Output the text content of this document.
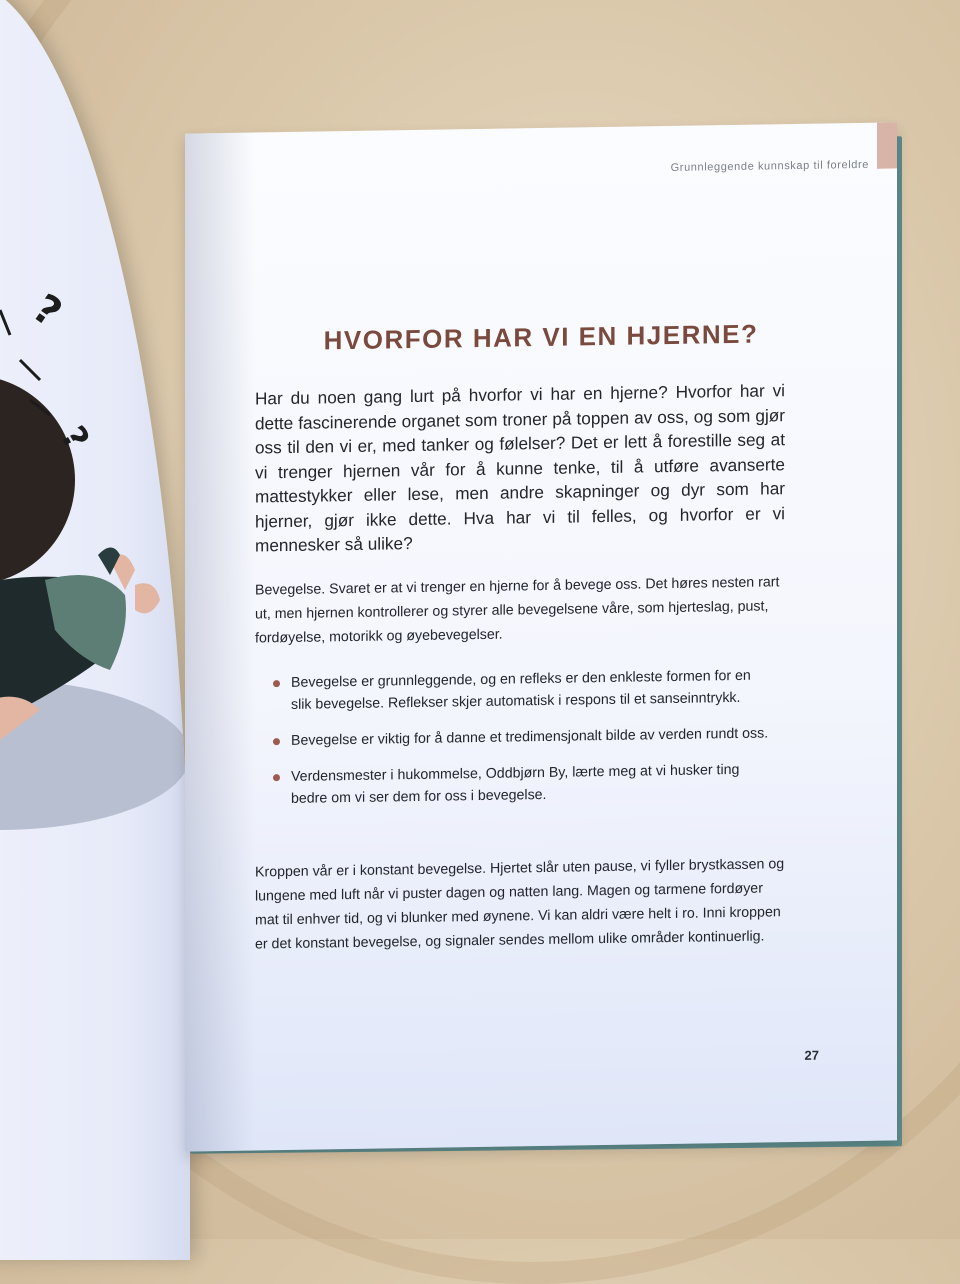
?
?
Grunnleggende kunnskap til foreldre
HVORFOR HAR VI EN HJERNE?

Har du noen gang lurt på hvorfor vi har en hjerne? Hvorfor har vi dette fascinerende organet som troner på toppen av oss, og som gjør oss til den vi er, med tanker og følelser? Det er lett å forestille seg at vi trenger hjernen vår for å kunne tenke, til å utføre avanserte mattestykker eller lese, men andre skapninger og dyr som har hjerner, gjør ikke dette. Hva har vi til felles, og hvorfor er vi mennesker så ulike?

Bevegelse. Svaret er at vi trenger en hjerne for å bevege oss. Det høres nesten rart ut, men hjernen kontrollerer og styrer alle bevegelsene våre, som hjerteslag, pust, fordøyelse, motorikk og øyebevegelser.

Bevegelse er grunnleggende, og en refleks er den enkleste formen for en slik bevegelse. Reflekser skjer automatisk i respons til et sanseinntrykk.
Bevegelse er viktig for å danne et tredimensjonalt bilde av verden rundt oss.
Verdensmester i hukommelse, Oddbjørn By, lærte meg at vi husker ting bedre om vi ser dem for oss i bevegelse.

Kroppen vår er i konstant bevegelse. Hjertet slår uten pause, vi fyller brystkassen og lungene med luft når vi puster dagen og natten lang. Magen og tarmene fordøyer mat til enhver tid, og vi blunker med øynene. Vi kan aldri være helt i ro. Inni kroppen er det konstant bevegelse, og signaler sendes mellom ulike områder kontinuerlig.

27
